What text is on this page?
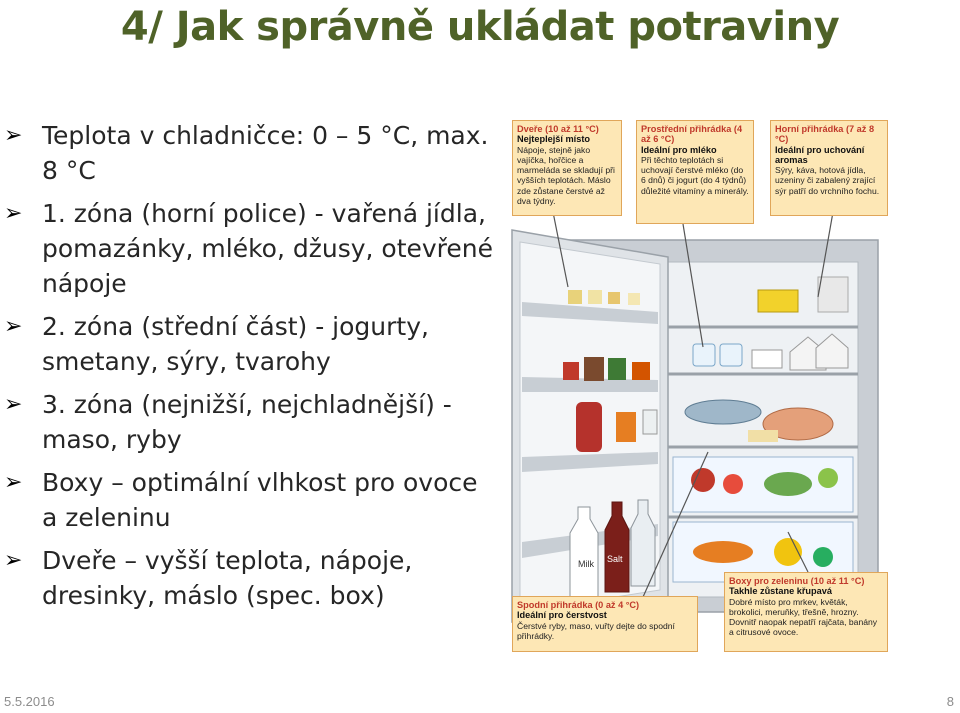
4/ Jak správně ukládat potraviny
➢ Teplota v chladničce: 0 – 5 °C, max. 8 °C
➢ 1. zóna (horní police) - vařená jídla, pomazánky, mléko, džusy, otevřené nápoje
➢ 2. zóna (střední část) - jogurty, smetany, sýry, tvarohy
➢ 3. zóna (nejnižší, nejchladnější) - maso, ryby
➢ Boxy – optimální vlhkost pro ovoce a zeleninu
➢ Dveře – vyšší teplota, nápoje, dresinky, máslo (spec. box)
Milk Salt
Dveře (10 až 11 °C)
Nejteplejší místo
Nápoje, stejně jako vajíčka, hořčice a marmeláda se skladují při vyšších teplotách. Máslo zde zůstane čerstvé až dva týdny.
Prostřední přihrádka (4 až 6 °C)
Ideální pro mléko
Při těchto teplotách si uchovají čerstvé mléko (do 6 dnů) či jogurt (do 4 týdnů) důležité vitamíny a minerály.
Horní přihrádka (7 až 8 °C)
Ideální pro uchování aromas
Sýry, káva, hotová jídla, uzeniny či zabalený zrající sýr patří do vrchního fochu.
Spodní přihrádka (0 až 4 °C)
Ideální pro čerstvost
Čerstvé ryby, maso, vuřty dejte do spodní přihrádky.
Boxy pro zeleninu (10 až 11 °C)
Takhle zůstane křupavá
Dobré místo pro mrkev, květák, brokolici, meruňky, třešně, hrozny. Dovnitř naopak nepatří rajčata, banány a citrusové ovoce.
5.5.2016	8
